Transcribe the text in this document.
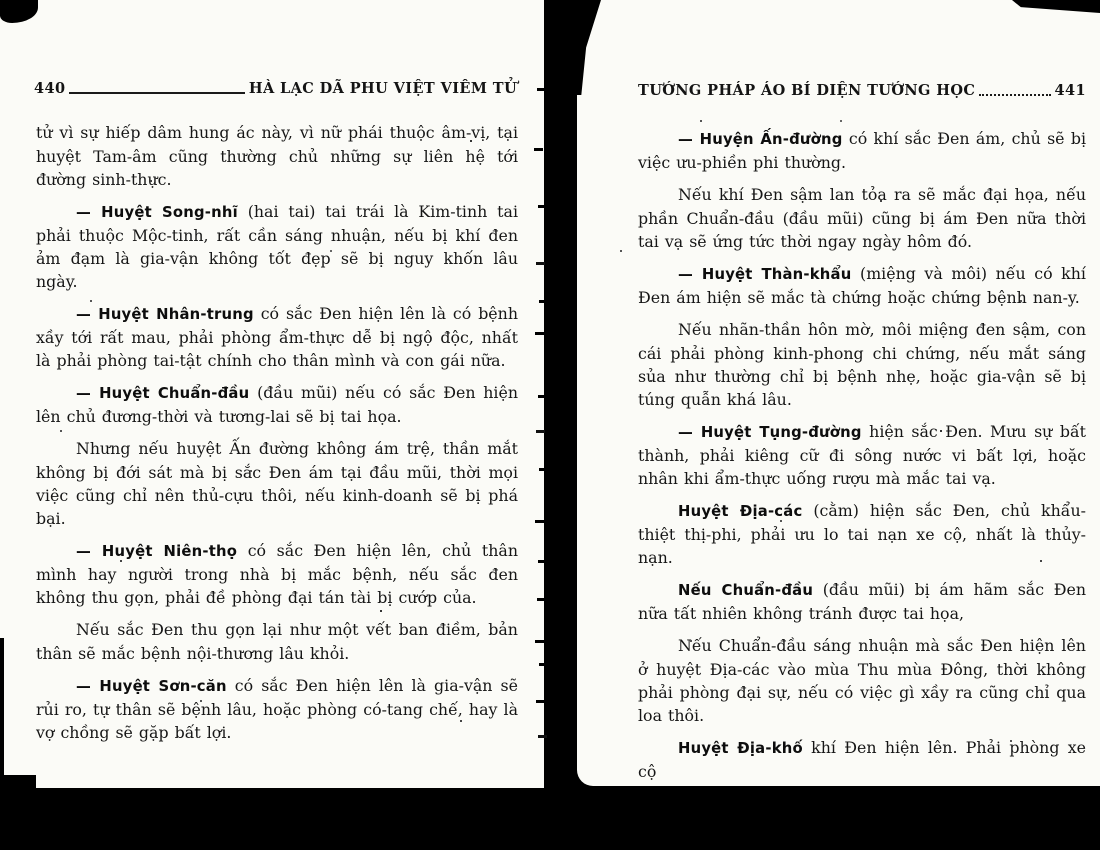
440	HÀ LẠC DÃ PHU VIỆT VIÊM TỬ

tử vì sự hiếp dâm hung ác này, vì nữ phái thuộc âm-vị, tại huyệt Tam-âm cũng thường chủ những sự liên hệ tới đường sinh-thực.

— Huyệt Song-nhĩ (hai tai) tai trái là Kim-tinh tai phải thuộc Mộc-tinh, rất cần sáng nhuận, nếu bị khí đen ảm đạm là gia-vận không tốt đẹp sẽ bị nguy khốn lâu ngày.

— Huyệt Nhân-trung có sắc Đen hiện lên là có bệnh xầy tới rất mau, phải phòng ẩm-thực dễ bị ngộ độc, nhất là phải phòng tai-tật chính cho thân mình và con gái nữa.

— Huyệt Chuẩn-đầu (đầu mũi) nếu có sắc Đen hiện lên chủ đương-thời và tương-lai sẽ bị tai họa.

Nhưng nếu huyệt Ấn đường không ám trệ, thần mắt không bị đới sát mà bị sắc Đen ám tại đầu mũi, thời mọi việc cũng chỉ nên thủ-cựu thôi, nếu kinh-doanh sẽ bị phá bại.

— Huyệt Niên-thọ có sắc Đen hiện lên, chủ thân mình hay người trong nhà bị mắc bệnh, nếu sắc đen không thu gọn, phải đề phòng đại tán tài bị cướp của.

Nếu sắc Đen thu gọn lại như một vết ban điềm, bản thân sẽ mắc bệnh nội-thương lâu khỏi.

— Huyệt Sơn-căn có sắc Đen hiện lên là gia-vận sẽ rủi ro, tự thân sẽ bệnh lâu, hoặc phòng có-tang chế, hay là vợ chồng sẽ gặp bất lợi.

TƯỚNG PHÁP ÁO BÍ DIỆN TƯỚNG HỌC	441

— Huyện Ấn-đường có khí sắc Đen ám, chủ sẽ bị việc ưu-phiền phi thường.

Nếu khí Đen sậm lan tỏa ra sẽ mắc đại họa, nếu phần Chuẩn-đầu (đầu mũi) cũng bị ám Đen nữa thời tai vạ sẽ ứng tức thời ngay ngày hôm đó.

— Huyệt Thàn-khẩu (miệng và môi) nếu có khí Đen ám hiện sẽ mắc tà chứng hoặc chứng bệnh nan-y.

Nếu nhãn-thần hôn mờ, môi miệng đen sậm, con cái phải phòng kinh-phong chi chứng, nếu mắt sáng sủa như thường chỉ bị bệnh nhẹ, hoặc gia-vận sẽ bị túng quẫn khá lâu.

— Huyệt Tụng-đường hiện sắc Đen. Mưu sự bất thành, phải kiêng cữ đi sông nước vi bất lợi, hoặc nhân khi ẩm-thực uống rượu mà mắc tai vạ.

Huyệt Địa-các (cằm) hiện sắc Đen, chủ khẩu-thiệt thị-phi, phải ưu lo tai nạn xe cộ, nhất là thủy-nạn.

Nếu Chuẩn-đầu (đầu mũi) bị ám hãm sắc Đen nữa tất nhiên không tránh được tai họa,

Nếu Chuẩn-đầu sáng nhuận mà sắc Đen hiện lên ở huyệt Địa-các vào mùa Thu mùa Đông, thời không phải phòng đại sự, nếu có việc gì xầy ra cũng chỉ qua loa thôi.

Huyệt Địa-khố khí Đen hiện lên. Phải phòng xe cộ
